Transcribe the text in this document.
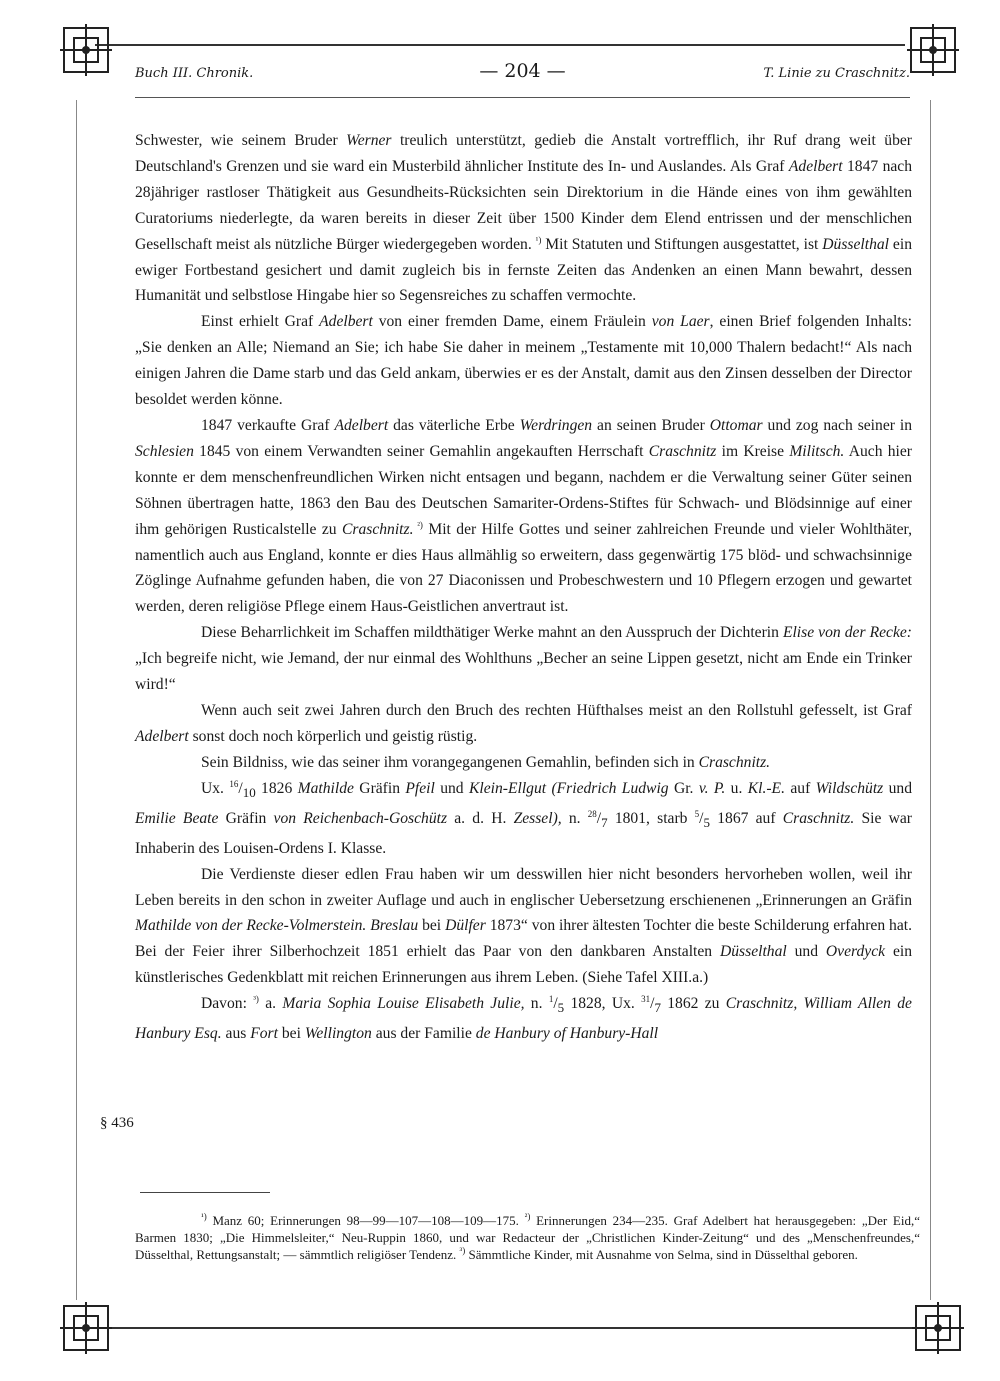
— 204 —
Buch III. Chronik.	T. Linie zu Craschnitz.

Schwester, wie seinem Bruder Werner treulich unterstützt, gedieb die Anstalt vortrefflich, ihr Ruf drang weit über Deutschland's Grenzen und sie ward ein Musterbild ähnlicher Institute des In- und Auslandes. Als Graf Adelbert 1847 nach 28jähriger rastloser Thätigkeit aus Gesundheits-Rücksichten sein Direktorium in die Hände eines von ihm gewählten Curatoriums niederlegte, da waren bereits in dieser Zeit über 1500 Kinder dem Elend entrissen und der menschlichen Gesellschaft meist als nützliche Bürger wiedergegeben worden. $^{^1)}$ Mit Statuten und Stiftungen ausgestattet, ist Düsselthal ein ewiger Fortbestand gesichert und damit zugleich bis in fernste Zeiten das Andenken an einen Mann bewahrt, dessen Humanität und selbstlose Hingabe hier so Segensreiches zu schaffen vermochte.

Einst erhielt Graf Adelbert von einer fremden Dame, einem Fräulein von Laer, einen Brief folgenden Inhalts: „Sie denken an Alle; Niemand an Sie; ich habe Sie daher in meinem „Testamente mit 10,000 Thalern bedacht!“ Als nach einigen Jahren die Dame starb und das Geld ankam, überwies er es der Anstalt, damit aus den Zinsen desselben der Director besoldet werden könne.

1847 verkaufte Graf Adelbert das väterliche Erbe Werdringen an seinen Bruder Ottomar und zog nach seiner in Schlesien 1845 von einem Verwandten seiner Gemahlin angekauften Herrschaft Craschnitz im Kreise Militsch. Auch hier konnte er dem menschenfreundlichen Wirken nicht entsagen und begann, nachdem er die Verwaltung seiner Güter seinen Söhnen übertragen hatte, 1863 den Bau des Deutschen Samariter-Ordens-Stiftes für Schwach- und Blödsinnige auf einer ihm gehörigen Rusticalstelle zu Craschnitz. $^{^2)}$ Mit der Hilfe Gottes und seiner zahlreichen Freunde und vieler Wohlthäter, namentlich auch aus England, konnte er dies Haus allmählig so erweitern, dass gegenwärtig 175 blöd- und schwachsinnige Zöglinge Aufnahme gefunden haben, die von 27 Diaconissen und Probeschwestern und 10 Pflegern erzogen und gewartet werden, deren religiöse Pflege einem Haus-Geistlichen anvertraut ist.

Diese Beharrlichkeit im Schaffen mildthätiger Werke mahnt an den Ausspruch der Dichterin Elise von der Recke: „Ich begreife nicht, wie Jemand, der nur einmal des Wohlthuns „Becher an seine Lippen gesetzt, nicht am Ende ein Trinker wird!“

Wenn auch seit zwei Jahren durch den Bruch des rechten Hüfthalses meist an den Rollstuhl gefesselt, ist Graf Adelbert sonst doch noch körperlich und geistig rüstig.

Sein Bildniss, wie das seiner ihm vorangegangenen Gemahlin, befinden sich in Craschnitz.

Ux. $^{16}/_{10}$ 1826 Mathilde Gräfin Pfeil und Klein-Ellgut (Friedrich Ludwig Gr. v. P. u. Kl.-E. auf Wildschütz und Emilie Beate Gräfin von Reichenbach-Goschütz a. d. H. Zessel), n. $^{28}/_7$ 1801, starb $^5/_5$ 1867 auf Craschnitz. Sie war Inhaberin des Louisen-Ordens I. Klasse.

Die Verdienste dieser edlen Frau haben wir um desswillen hier nicht besonders hervorheben wollen, weil ihr Leben bereits in den schon in zweiter Auflage und auch in englischer Uebersetzung erschienenen „Erinnerungen an Gräfin Mathilde von der Recke-Volmerstein. Breslau bei Dülfer 1873“ von ihrer ältesten Tochter die beste Schilderung erfahren hat. Bei der Feier ihrer Silberhochzeit 1851 erhielt das Paar von den dankbaren Anstalten Düsselthal und Overdyck ein künstlerisches Gedenkblatt mit reichen Erinnerungen aus ihrem Leben. (Siehe Tafel XIII.a.)

Davon: $^{^3)}$ a. Maria Sophia Louise Elisabeth Julie, n. $^1/_5$ 1828, Ux. $^{31}/_7$ 1862 zu Craschnitz, William Allen de Hanbury Esq. aus Fort bei Wellington aus der Familie de Hanbury of Hanbury-Hall

§ 436

$^{^1)}$ Manz 60; Erinnerungen 98—99—107—108—109—175. $^{^2)}$ Erinnerungen 234—235. Graf Adelbert hat herausgegeben: „Der Eid,“ Barmen 1830; „Die Himmelsleiter,“ Neu-Ruppin 1860, und war Redacteur der „Christlichen Kinder-Zeitung“ und des „Menschenfreundes,“ Düsselthal, Rettungsanstalt; — sämmtlich religiöser Tendenz. $^{^3)}$ Sämmtliche Kinder, mit Ausnahme von Selma, sind in Düsselthal geboren.
